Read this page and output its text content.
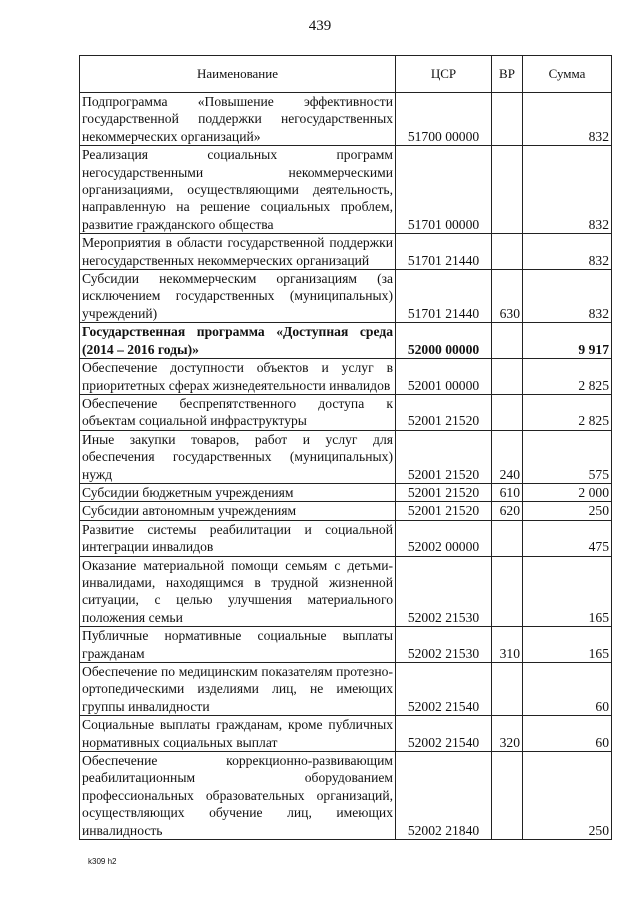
439
Наименование	ЦСР	ВР	Сумма
Подпрограмма «Повышение эффективности государственной поддержки негосударственных некоммерческих организаций»	51700 00000		832
Реализация социальных программ негосударственными некоммерческими организациями, осуществляющими деятельность, направленную на решение социальных проблем, развитие гражданского общества	51701 00000		832
Мероприятия в области государственной поддержки негосударственных некоммерческих организаций	51701 21440		832
Субсидии некоммерческим организациям (за исключением государственных (муниципальных) учреждений)	51701 21440	630	832
Государственная программа «Доступная среда (2014 – 2016 годы)»	52000 00000		9 917
Обеспечение доступности объектов и услуг в приоритетных сферах жизнедеятельности инвалидов	52001 00000		2 825
Обеспечение беспрепятственного доступа к объектам социальной инфраструктуры	52001 21520		2 825
Иные закупки товаров, работ и услуг для обеспечения государственных (муниципальных) нужд	52001 21520	240	575
Субсидии бюджетным учреждениям	52001 21520	610	2 000
Субсидии автономным учреждениям	52001 21520	620	250
Развитие системы реабилитации и социальной интеграции инвалидов	52002 00000		475
Оказание материальной помощи семьям с детьми-инвалидами, находящимся в трудной жизненной ситуации, с целью улучшения материального положения семьи	52002 21530		165
Публичные нормативные социальные выплаты гражданам	52002 21530	310	165
Обеспечение по медицинским показателям протезно-ортопедическими изделиями лиц, не имеющих группы инвалидности	52002 21540		60
Социальные выплаты гражданам, кроме публичных нормативных социальных выплат	52002 21540	320	60
Обеспечение коррекционно-развивающим реабилитационным оборудованием профессиональных образовательных организаций, осуществляющих обучение лиц, имеющих инвалидность	52002 21840		250
k309 h2
